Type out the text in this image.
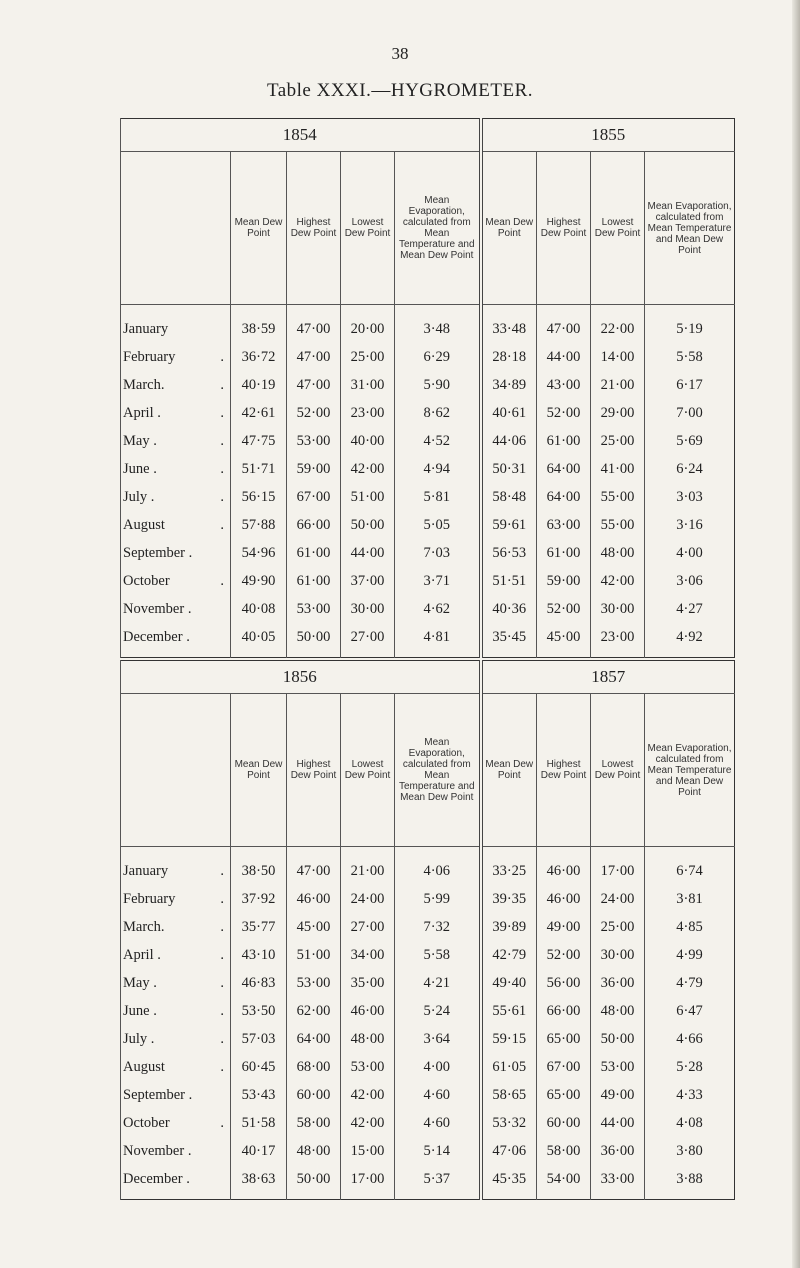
38
Table XXXI.—HYGROMETER.
1854					1855			
	Mean Dew Point	Highest Dew Point	Lowest Dew Point	Mean Evaporation, calculated from Mean Temperature and Mean Dew Point	Mean Dew Point	Highest Dew Point	Lowest Dew Point	Mean Evaporation, calculated from Mean Temperature and Mean Dew Point

January	38·59	47·00	20·00	3·48	33·48	47·00	22·00	5·19

.
February	36·72	47·00	25·00	6·29	28·18	44·00	14·00	5·58

.
March.	40·19	47·00	31·00	5·90	34·89	43·00	21·00	6·17

.
April .	42·61	52·00	23·00	8·62	40·61	52·00	29·00	7·00

.
May .	47·75	53·00	40·00	4·52	44·06	61·00	25·00	5·69

.
June .	51·71	59·00	42·00	4·94	50·31	64·00	41·00	6·24

.
July .	56·15	67·00	51·00	5·81	58·48	64·00	55·00	3·03

.
August	57·88	66·00	50·00	5·05	59·61	63·00	55·00	3·16

September .	54·96	61·00	44·00	7·03	56·53	61·00	48·00	4·00

.
October	49·90	61·00	37·00	3·71	51·51	59·00	42·00	3·06

November .	40·08	53·00	30·00	4·62	40·36	52·00	30·00	4·27

December .	40·05	50·00	27·00	4·81	35·45	45·00	23·00	4·92
1856					1857			
	Mean Dew Point	Highest Dew Point	Lowest Dew Point	Mean Evaporation, calculated from Mean Temperature and Mean Dew Point	Mean Dew Point	Highest Dew Point	Lowest Dew Point	Mean Evaporation, calculated from Mean Temperature and Mean Dew Point

.
January	38·50	47·00	21·00	4·06	33·25	46·00	17·00	6·74

.
February	37·92	46·00	24·00	5·99	39·35	46·00	24·00	3·81

.
March.	35·77	45·00	27·00	7·32	39·89	49·00	25·00	4·85

.
April .	43·10	51·00	34·00	5·58	42·79	52·00	30·00	4·99

.
May .	46·83	53·00	35·00	4·21	49·40	56·00	36·00	4·79

.
June .	53·50	62·00	46·00	5·24	55·61	66·00	48·00	6·47

.
July .	57·03	64·00	48·00	3·64	59·15	65·00	50·00	4·66

.
August	60·45	68·00	53·00	4·00	61·05	67·00	53·00	5·28

September .	53·43	60·00	42·00	4·60	58·65	65·00	49·00	4·33

.
October	51·58	58·00	42·00	4·60	53·32	60·00	44·00	4·08

November .	40·17	48·00	15·00	5·14	47·06	58·00	36·00	3·80

December .	38·63	50·00	17·00	5·37	45·35	54·00	33·00	3·88
